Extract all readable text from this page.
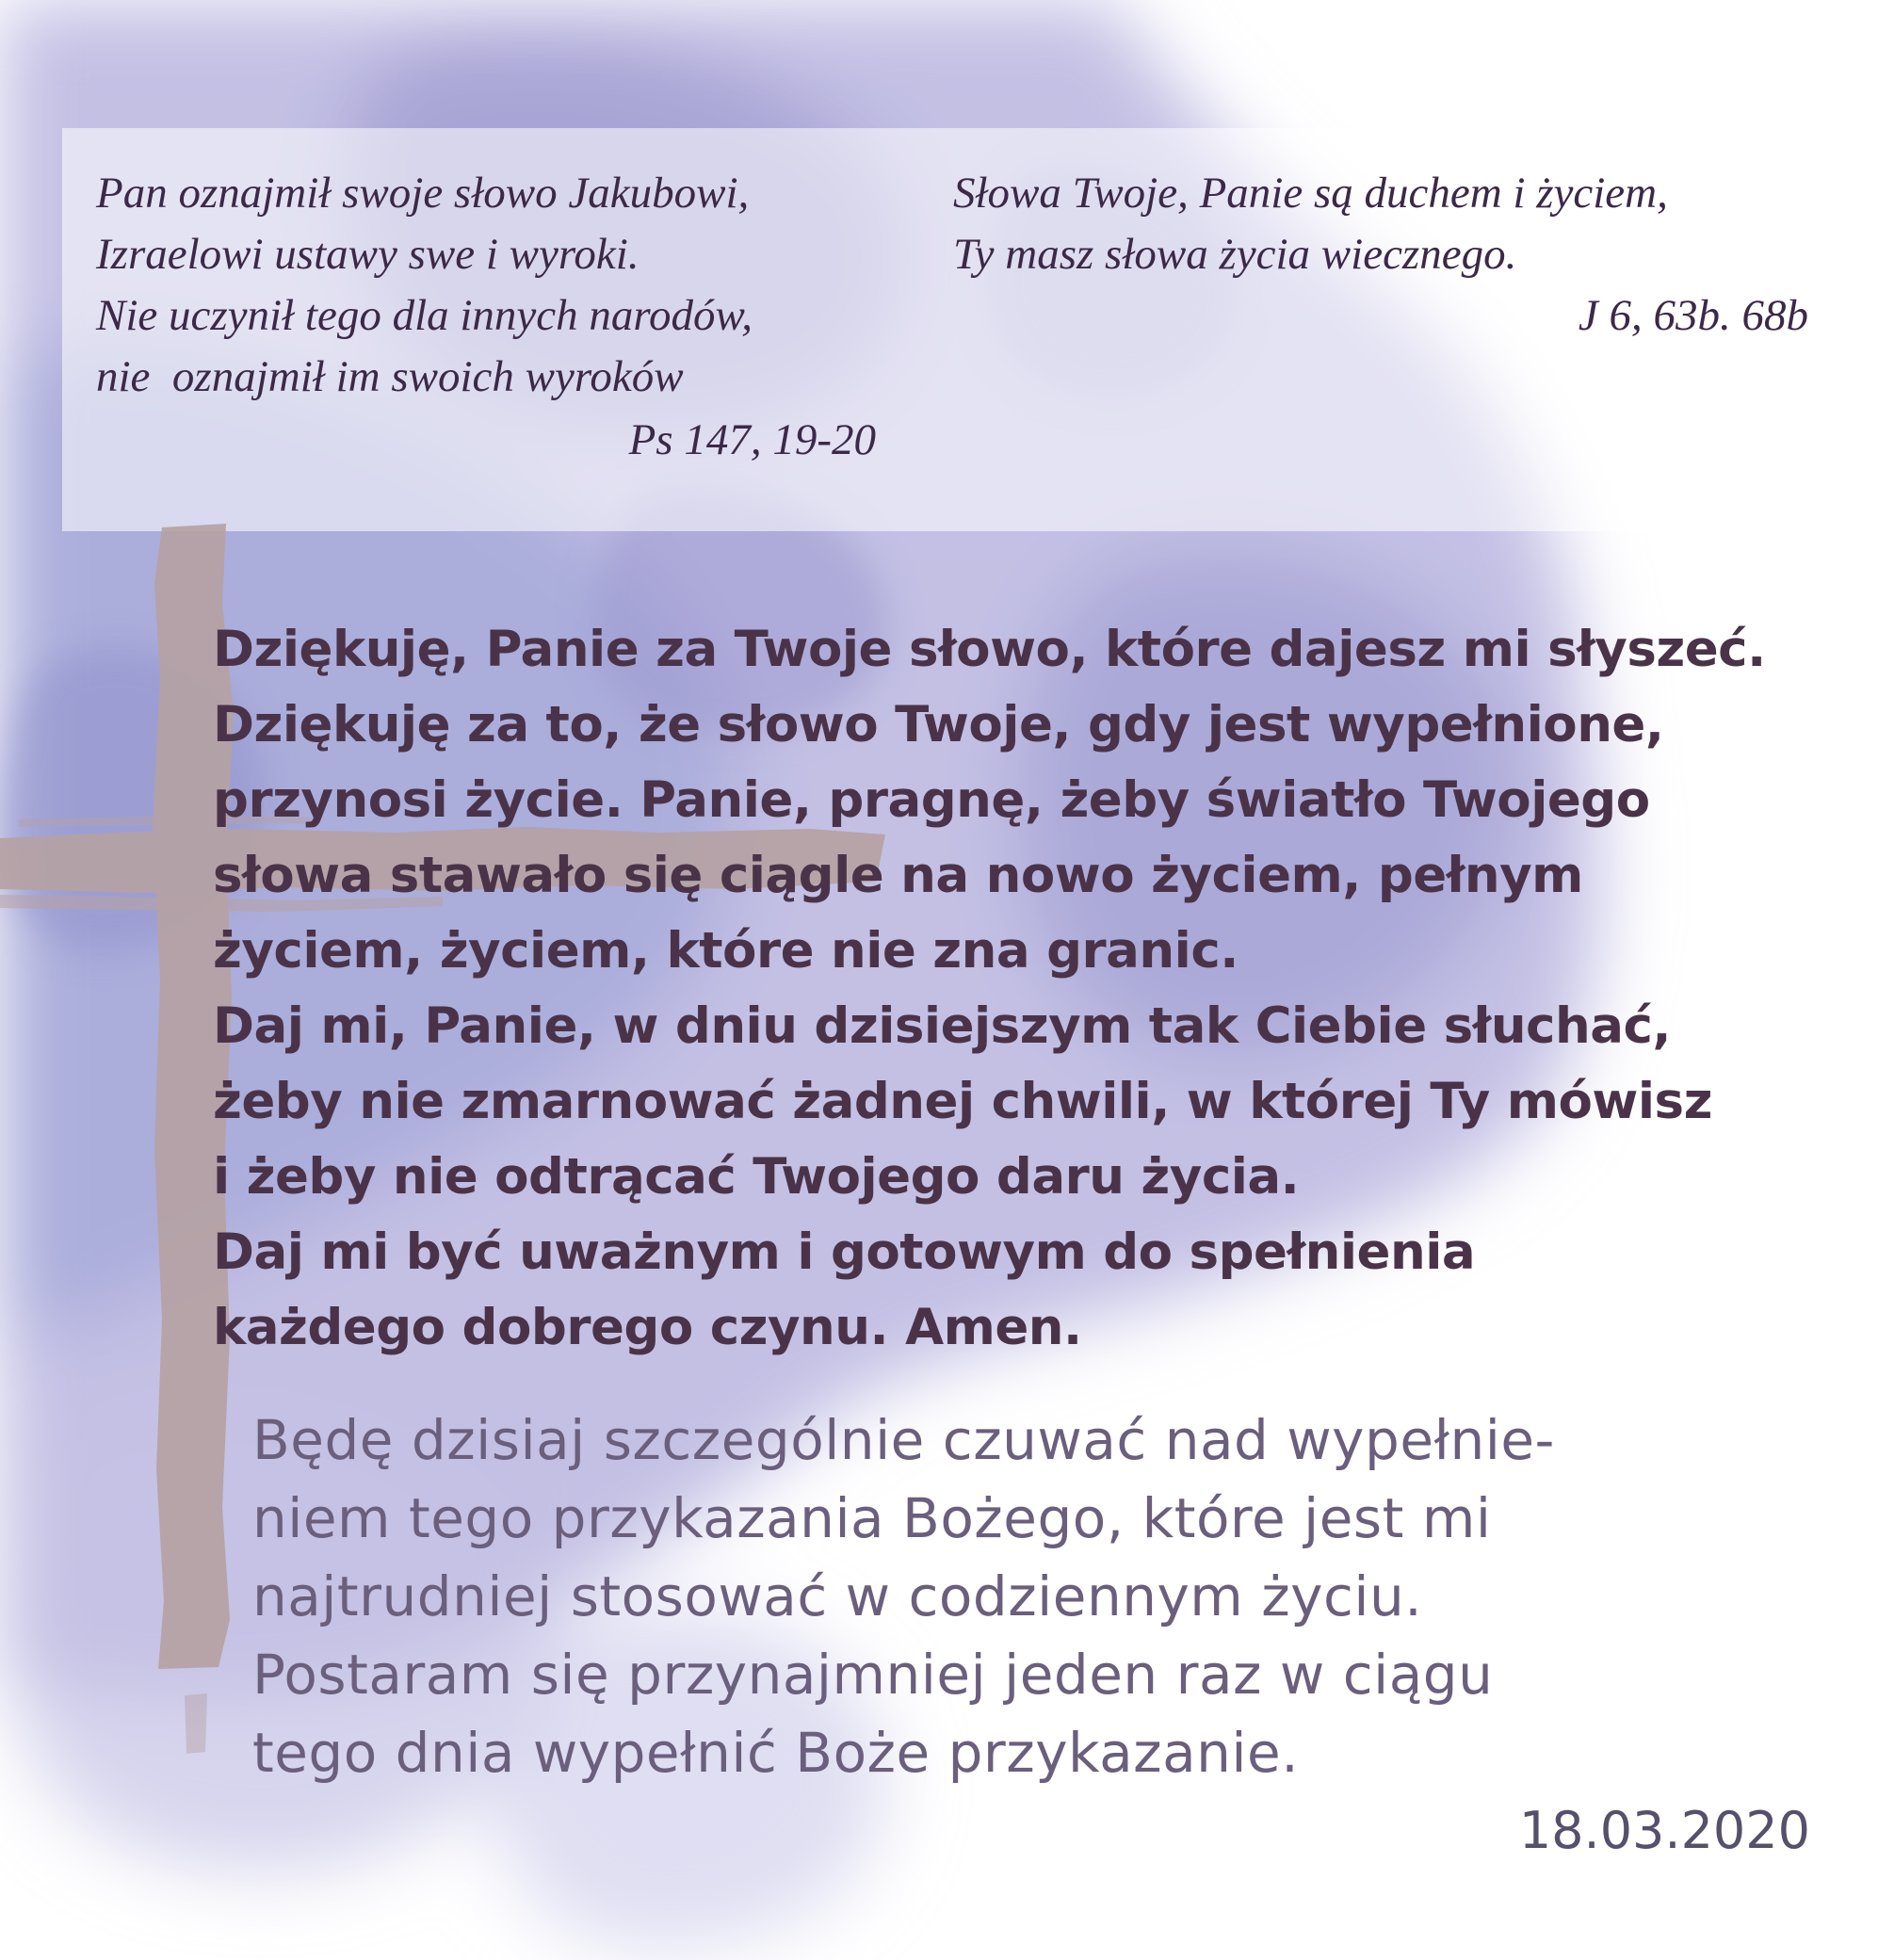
Pan oznajmił swoje słowo Jakubowi,
Izraelowi ustawy swe i wyroki.
Nie uczynił tego dla innych narodów,
nie  oznajmił im swoich wyroków
Ps 147, 19-20
Słowa Twoje, Panie są duchem i życiem,
Ty masz słowa życia wiecznego.
J 6, 63b. 68b
Dziękuję, Panie za Twoje słowo, które dajesz mi słyszeć.
Dziękuję za to, że słowo Twoje, gdy jest wypełnione,
przynosi życie. Panie, pragnę, żeby światło Twojego
słowa stawało się ciągle na nowo życiem, pełnym
życiem, życiem, które nie zna granic.
Daj mi, Panie, w dniu dzisiejszym tak Ciebie słuchać,
żeby nie zmarnować żadnej chwili, w której Ty mówisz
i żeby nie odtrącać Twojego daru życia.
Daj mi być uważnym i gotowym do spełnienia
każdego dobrego czynu. Amen.
Będę dzisiaj szczególnie czuwać nad wypełnie-
niem tego przykazania Bożego, które jest mi
najtrudniej stosować w codziennym życiu.
Postaram się przynajmniej jeden raz w ciągu
tego dnia wypełnić Boże przykazanie.
18.03.2020
